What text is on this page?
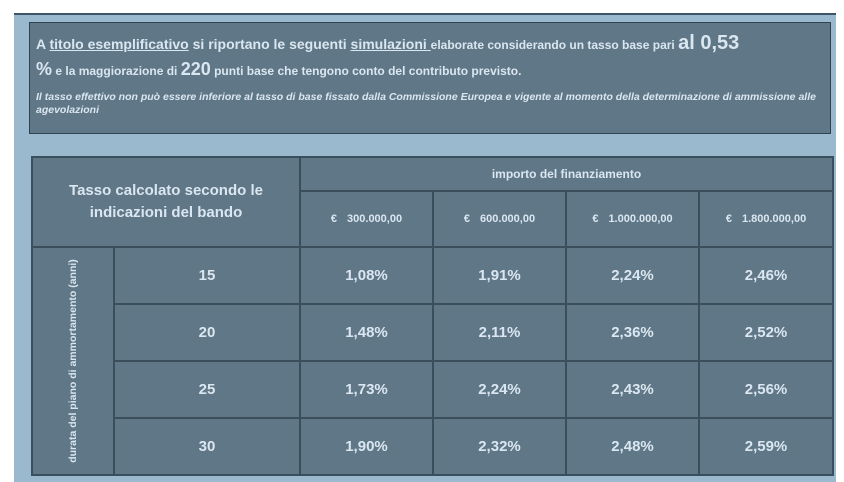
A titolo esemplificativo si riportano le seguenti simulazioni elaborate considerando un tasso base pari al 0,53
% e la maggiorazione di 220 punti base che tengono conto del contributo previsto.
Il tasso effettivo non può essere inferiore al tasso di base fissato dalla Commissione Europea e vigente al momento della determinazione di ammissione alle agevolazioni
Tasso calcolato secondo le indicazioni del bando		importo del finanziamento			
		€ 300.000,00	€ 600.000,00	€ 1.000.000,00	€ 1.800.000,00

durata del piano di ammortamento (anni)	15	1,08%	1,91%	2,24%	2,46%
	20	1,48%	2,11%	2,36%	2,52%
	25	1,73%	2,24%	2,43%	2,56%
	30	1,90%	2,32%	2,48%	2,59%
